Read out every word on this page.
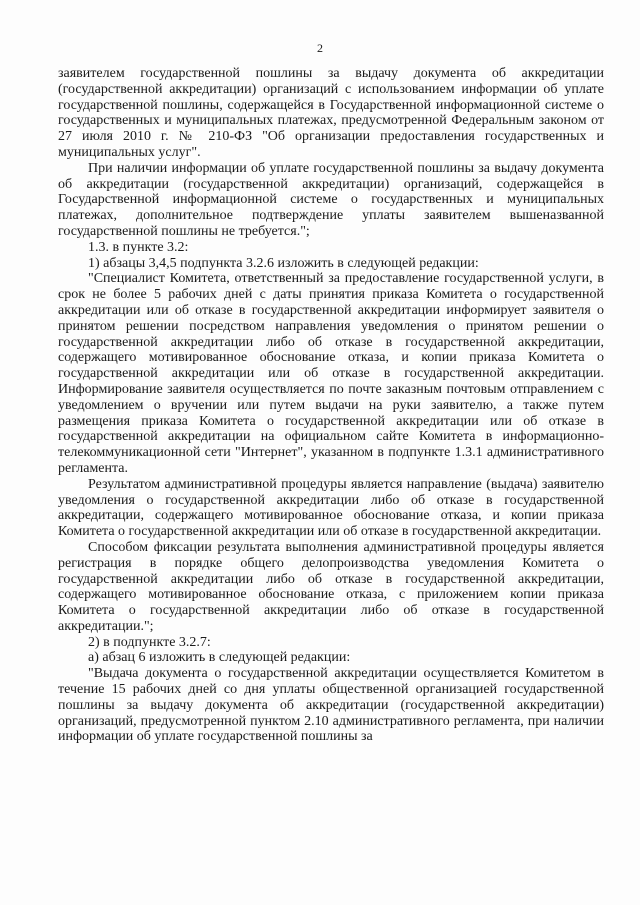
2

заявителем государственной пошлины за выдачу документа об аккредитации (государственной аккредитации) организаций с использованием информации об уплате государственной пошлины, содержащейся в Государственной информационной системе о государственных и муниципальных платежах, предусмотренной Федеральным законом от 27 июля 2010 г. № 210-ФЗ "Об организации предоставления государственных и муниципальных услуг".

При наличии информации об уплате государственной пошлины за выдачу документа об аккредитации (государственной аккредитации) организаций, содержащейся в Государственной информационной системе о государственных и муниципальных платежах, дополнительное подтверждение уплаты заявителем вышеназванной государственной пошлины не требуется.";

1.3. в пункте 3.2:

1) абзацы 3,4,5 подпункта 3.2.6 изложить в следующей редакции:

"Специалист Комитета, ответственный за предоставление государственной услуги, в срок не более 5 рабочих дней с даты принятия приказа Комитета о государственной аккредитации или об отказе в государственной аккредитации информирует заявителя о принятом решении посредством направления уведомления о принятом решении о государственной аккредитации либо об отказе в государственной аккредитации, содержащего мотивированное обоснование отказа, и копии приказа Комитета о государственной аккредитации или об отказе в государственной аккредитации. Информирование заявителя осуществляется по почте заказным почтовым отправлением с уведомлением о вручении или путем выдачи на руки заявителю, а также путем размещения приказа Комитета о государственной аккредитации или об отказе в государственной аккредитации на официальном сайте Комитета в информационно-телекоммуникационной сети "Интернет", указанном в подпункте 1.3.1 административного регламента.

Результатом административной процедуры является направление (выдача) заявителю уведомления о государственной аккредитации либо об отказе в государственной аккредитации, содержащего мотивированное обоснование отказа, и копии приказа Комитета о государственной аккредитации или об отказе в государственной аккредитации.

Способом фиксации результата выполнения административной процедуры является регистрация в порядке общего делопроизводства уведомления Комитета о государственной аккредитации либо об отказе в государственной аккредитации, содержащего мотивированное обоснование отказа, с приложением копии приказа Комитета о государственной аккредитации либо об отказе в государственной аккредитации.";

2) в подпункте 3.2.7:

а) абзац 6 изложить в следующей редакции:

"Выдача документа о государственной аккредитации осуществляется Комитетом в течение 15 рабочих дней со дня уплаты общественной организацией государственной пошлины за выдачу документа об аккредитации (государственной аккредитации) организаций, предусмотренной пунктом 2.10 административного регламента, при наличии информации об уплате государственной пошлины за
